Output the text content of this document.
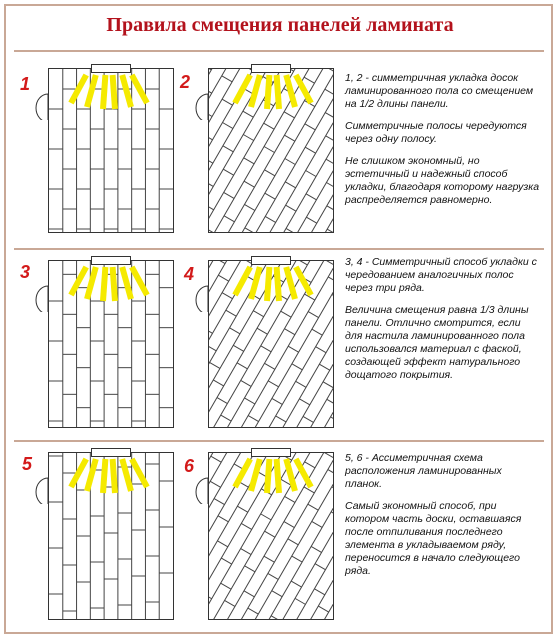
Правила смещения панелей ламината
1	2
3	4
5	6

1, 2 - симметричная укладка досок ламинированного пола со смещением на 1/2 длины панели.

Симметричные полосы чередуются через одну полосу.

Не слишком экономный, но эстетичный и надежный способ укладки, благодаря которому нагрузка распределяется равномерно.

3, 4 - Симметричный способ укладки с чередованием аналогичных полос через три ряда.

Величина смещения равна 1/3 длины панели. Отлично смотрится, если для настила ламинированного пола использовался материал с фаской, создающей эффект натурального дощатого покрытия.

5, 6 - Ассиметричная схема расположения ламинированных планок.

Самый экономный способ, при котором часть доски, оставшаяся после отпиливания последнего элемента в укладываемом ряду, переносится в начало следующего ряда.
